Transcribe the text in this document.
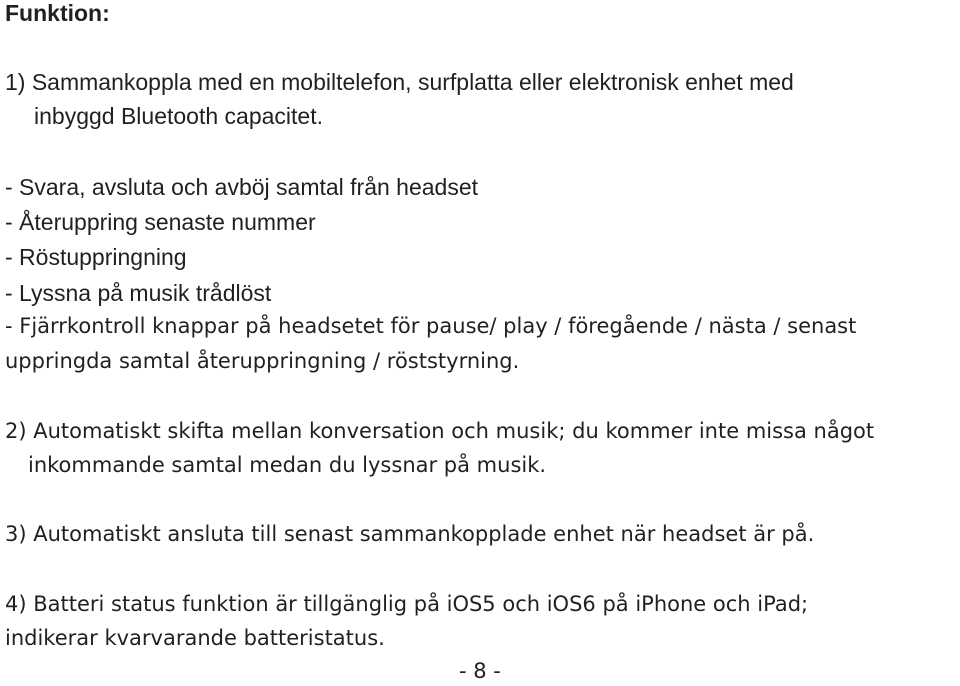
Funktion:
1) Sammankoppla med en mobiltelefon, surfplatta eller elektronisk enhet med
inbyggd Bluetooth capacitet.
- Svara, avsluta och avböj samtal från headset
- Återuppring senaste nummer
- Röstuppringning
- Lyssna på musik trådlöst
- Fjärrkontroll knappar på headsetet för pause/ play / föregående / nästa / senast
uppringda samtal återuppringning / röststyrning.
2) Automatiskt skifta mellan konversation och musik; du kommer inte missa något
inkommande samtal medan du lyssnar på musik.
3) Automatiskt ansluta till senast sammankopplade enhet när headset är på.
4) Batteri status funktion är tillgänglig på iOS5 och iOS6 på iPhone och iPad;
indikerar kvarvarande batteristatus.
- 8 -
